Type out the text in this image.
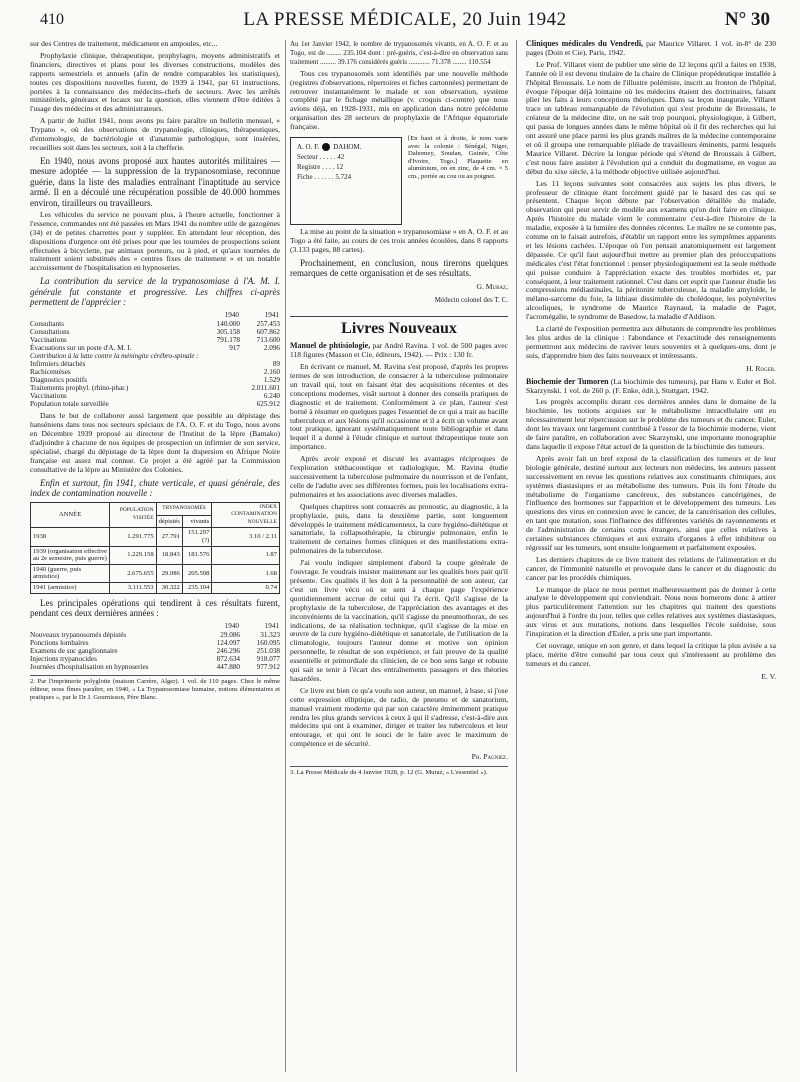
410	LA PRESSE MÉDICALE, 20 Juin 1942	N° 30

sur des Centres de traitement, médicament en ampoules, etc...

Prophylaxie clinique, thérapeutique, prophylagro, moyens administratifs et financiers, directives et plans pour les diverses constructions, modèles des rapports semestriels et annuels (afin de rendre comparables les statistiques), toutes ces dispositions nouvelles furent, de 1939 à 1941, par 61 instructions, portées à la connaissance des médecins-chefs de secteurs. Avec les arrêtés ministériels, généraux et locaux sur la question, elles viennent d'être éditées à l'usage des médecins et des administrateurs.

A partir de Juillet 1941, nous avons pu faire paraître un bulletin mensuel, « Trypano », où des observations de trypanologie, cliniques, thérapeutiques, d'entomologie, de bactériologie et d'anatomie pathologique, sont insérées, recueillies soit dans les secteurs, soit à la chefferie.

En 1940, nous avons proposé aux hautes autorités militaires — mesure adoptée — la suppression de la trypanosomiase, reconnue guérie, dans la liste des maladies entraînant l'inaptitude au service armé. Il en a découlé une récupération possible de 40.000 hommes environ, tirailleurs ou travailleurs.

Les véhicules du service ne pouvant plus, à l'heure actuelle, fonctionner à l'essence, commandes ont été passées en Mars 1941 du nombre utile de gazogènes (34) et de petites charrettes pour y suppléer. En attendant leur réception, des dispositions d'urgence ont été prises pour que les tournées de prospections soient effectuées à bicyclette, par animaux porteurs, ou à pied, et qu'aux tournées de traitement soient substitués des « centres fixes de traitement » et un notable accroissement de l'hospitalisation en hypnoseries.

La contribution du service de la trypanosomiase à l'A. M. I. générale fut constante et progressive. Les chiffres ci-après permettent de l'apprécier :

	1940	1941
Consultants	140.000	257.453
Consultations	305.158	607.862
Vaccinations	791.178	713.600
Évacuations sur un poste d'A. M. I.	917	2.096
Contribution à la lutte contre la méningite cérébro-spinale :		
Infirmiers détachés		89
Rachicentèses		2.160
Diagnostics positifs		1.529
Traitements prophyl. (rhino-phar.)		2.011.601
Vaccinations		6.240
Population totale surveillée		625.912

Dans le but de collaborer aussi largement que possible au dépistage des hanséniens dans tous nos secteurs spéciaux de l'A. O. F. et du Togo, nous avons en Décembre 1939 proposé au directeur de l'Institut de la lèpre (Bamako) d'adjoindre à chacune de nos équipes de prospection un infirmier de son service, spécialisé, chargé du dépistage de la lèpre dont la dispersion en Afrique Noire française est assez mal connue. Ce projet a été agréé par la Commission consultative de la lèpre au Ministère des Colonies.

Enfin et surtout, fin 1941, chute verticale, et quasi générale, des index de contamination nouvelle :

ANNÉE	POPULATION VISITÉE	TRYPANOSOMÉS		INDEX CONTAMINATION NOUVELLE
		dépistés	vivants	
1938	1.291.775	27.791	151.297 (?)	3.10 / 2.11
1939 (organisation effective au 2e semestre, puis guerre)	1.229.158	18.843	181.576	1.87
1940 (guerre, puis armistice)	2.675.655	29.086	205.508	1.68
1941 (armistice)	3.111.553	30.322	235.104	0.74

Les principales opérations qui tendirent à ces résultats furent, pendant ces deux dernières années :

	1940	1941
Nouveaux trypanosomés dépistés	29.086	31.323
Ponctions lombaires	124.097	160.095
Examens de suc ganglionnaire	246.296	251.038
Injections trypanocides	872.634	918.077
Journées d'hospitalisation en hypnoseries	447.880	977.912
2. Par l'imprimerie polyglotte (maison Carrère, Alger). 1 vol. de 110 pages. Chez le même éditeur, nous fîmes paraître, en 1940, « La Trypanosomiase humaine, notions élémentaires et pratiques », par le Dr J. Gournisson, Père Blanc.

Au 1er Janvier 1942, le nombre de trypanosomés vivants, en A. O. F. et au Togo, est de ........ 235.104 dont : pré-guéris, c'est-à-dire en observation sans traitement ......... 39.176 considérés guéris ............ 71.378 ........ 110.554

Tous ces trypanosomés sont identifiés par une nouvelle méthode (registres d'observations, répertoires et fiches cartonnées) permettant de retrouver instantanément le malade et son observation, système complété par le fichage métallique (v. croquis ci-contre) que nous avions déjà, en 1928-1931, mis en application dans notre précédente organisation des 28 secteurs de prophylaxie de l'Afrique équatoriale française.

A. O. F. DAHOM.
Secteur . . . . . 42
Registre . . . . 12
Fiche . . . . . . 5.724
[En haut et à droite, le nom varie avec la colonie : Sénégal, Niger, Dahomey, Soudan, Guinée, Côte d'Ivoire, Togo.] Plaquette en aluminium, on en zinc, de 4 cm. × 5 cm., portée au cou ou au poignet.

La mise au point de la situation « trypanosomiase » en A. O. F. et au Togo a été faite, au cours de ces trois années écoulées, dans 8 rapports (3.133 pages, 88 cartes).

Prochainement, en conclusion, nous tirerons quelques remarques de cette organisation et de ses résultats.

G. Muraz,
Médecin colonel des T. C.
Livres Nouveaux

Manuel de phtisiologie, par André Ravina. 1 vol. de 500 pages avec 118 figures (Masson et Cie, éditeurs, 1942). — Prix : 130 fr.

En écrivant ce manuel, M. Ravina s'est proposé, d'après les propres termes de son introduction, de consacrer à la tuberculose pulmonaire un travail qui, tout en faisant état des acquisitions récentes et des conceptions modernes, visât surtout à donner des conseils pratiques de diagnostic et de traitement. Conformément à ce plan, l'auteur s'est borné à résumer en quelques pages l'essentiel de ce qui a trait au bacille tuberculeux et aux lésions qu'il occasionne et il a écrit un volume avant tout pratique, ignorant systématiquement toute bibliographie et dans lequel il a donné à l'étude clinique et surtout thérapeutique toute son importance.

Après avoir exposé et discuté les avantages réciproques de l'exploration stéthacoustique et radiologique, M. Ravina étudie successivement la tuberculose pulmonaire du nourrisson et de l'enfant, celle de l'adulte avec ses différentes formes, puis les localisations extra-pulmonaires et les associations avec diverses maladies.

Quelques chapitres sont consacrés au pronostic, au diagnostic, à la prophylaxie, puis, dans la deuxième partie, sont longuement développés le traitement médicamenteux, la cure hygiéno-diététique et sanatoriale, la collapsothérapie, la chirurgie pulmonaire, enfin le traitement de certaines formes cliniques et des manifestations extra-pulmonaires de la tuberculose.

J'ai voulu indiquer simplement d'abord la coupe générale de l'ouvrage. Je voudrais insister maintenant sur les qualités hors pair qu'il présente. Ces qualités il les doit à la personnalité de son auteur, car c'est un livre vécu où se sent à chaque page l'expérience quotidiennement accrue de celui qui l'a écrit. Qu'il s'agisse de la prophylaxie de la tuberculose, de l'appréciation des avantages et des inconvénients de la vaccination, qu'il s'agisse du pneumothorax, de ses indications, de sa réalisation technique, qu'il s'agisse de la mise en œuvre de la cure hygiéno-diététique et sanatoriale, de l'utilisation de la climatologie, toujours l'auteur donne et motive son opinion personnelle, le résultat de son expérience, et fait preuve de la qualité essentielle et primordiale du clinicien, de ce bon sens large et robuste qui sait se tenir à l'écart des entraînements passagers et des théories hasardées.

Ce livre est bien ce qu'a voulu son auteur, un manuel, à base, si j'ose cette expression elliptique, de radio, de pneumo et de sanatorium, manuel vraiment moderne qui par son caractère éminemment pratique rendra les plus grands services à ceux à qui il s'adresse, c'est-à-dire aux médecins qui ont à examiner, diriger et traiter les tuberculeux et leur entourage, et qui ont le souci de le faire avec le maximum de compétence et de sécurité.

Ph. Pagniez.
3. La Presse Médicale du 4 Janvier 1928, p. 12 (G. Muraz, « L'essentiel »).

Cliniques médicales du Vendredi, par Maurice Villaret. 1 vol. in-8° de 230 pages (Doin et Cie), Paris, 1942.

Le Prof. Villaret vient de publier une série de 12 leçons qu'il a faites en 1938, l'année où il est devenu titulaire de la chaire de Clinique propédeutique installée à l'hôpital Broussais. Le nom de l'illustre polémiste, inscrit au fronton de l'hôpital, évoque l'époque déjà lointaine où les médecins étaient des doctrinaires, faisant plier les faits à leurs conceptions théoriques. Dans sa leçon inaugurale, Villaret trace un tableau remarquable de l'évolution qui s'est produite de Broussais, le créateur de la médecine dite, on ne sait trop pourquoi, physiologique, à Gilbert, qui passa de longues années dans le même hôpital où il fit des recherches qui lui ont assuré une place parmi les plus grands maîtres de la médecine contemporaine et où il groupa une remarquable pléiade de travailleurs éminents, parmi lesquels Maurice Villaret. Décrire la longue période qui s'étend de Broussais à Gilbert, c'est nous faire assister à l'évolution qui a conduit du dogmatisme, en vogue au début du xixe siècle, à la méthode objective utilisée aujourd'hui.

Les 11 leçons suivantes sont consacrées aux sujets les plus divers, le professeur de clinique étant forcément guidé par le hasard des cas qui se présentent. Chaque leçon débute par l'observation détaillée du malade, observation qui peut servir de modèle aux examens qu'on doit faire en clinique. Après l'histoire du malade vient le commentaire c'est-à-dire l'histoire de la maladie, exposée à la lumière des données récentes. Le maître ne se contente pas, comme on le faisait autrefois, d'établir un rapport entre les symptômes apparents et les lésions cachées. L'époque où l'on pensait anatomiquement est largement dépassée. Ce qu'il faut aujourd'hui mettre au premier plan des préoccupations médicales c'est l'état fonctionnel : penser physiologiquement est la seule méthode qui puisse conduire à l'appréciation exacte des troubles morbides et, par conséquent, à leur traitement rationnel. C'est dans cet esprit que l'auteur étudie les compressions médiastinales, la péritonite tuberculeuse, la maladie amyloïde, le mélano-sarcome du foie, la lithiase dissimulée du cholédoque, les polynévrites alcooliques, le syndrome de Maurice Raynaud, la maladie de Paget, l'acromégalie, le syndrome de Basedow, la maladie d'Addison.

La clarté de l'exposition permettra aux débutants de comprendre les problèmes les plus ardus de la clinique : l'abondance et l'exactitude des renseignements permettront aux médecins de raviver leurs souvenirs et à quelques-uns, dont je suis, d'apprendre bien des faits nouveaux et intéressants.

H. Roger.

Biochemie der Tumoren (La biochimie des tumeurs), par Hans v. Euler et Bol. Skarzynski. 1 vol. de 260 p. (F. Enke, édit.), Stuttgart, 1942.

Les progrès accomplis durant ces dernières années dans le domaine de la biochimie, les notions acquises sur le métabolisme intracellulaire ont eu nécessairement leur répercussion sur le problème des tumeurs et du cancer. Euler, dont les travaux ont largement contribué à l'essor de la biochimie moderne, vient de faire paraître, en collaboration avec Skarzynski, une importante monographie dans laquelle il expose l'état actuel de la question de la biochimie des tumeurs.

Après avoir fait un bref exposé de la classification des tumeurs et de leur biologie générale, destiné surtout aux lecteurs non médecins, les auteurs passent successivement en revue les questions relatives aux constituants chimiques, aux systèmes diastasiques et au métabolisme des tumeurs. Puis ils font l'étude du métabolisme de l'organisme cancéreux, des substances cancérigènes, de l'influence des hormones sur l'apparition et le développement des tumeurs. Les questions des virus en connexion avec le cancer, de la cancérisation des cellules, en tant que mutation, sous l'influence des différentes variétés de rayonnements et de l'administration de certains corps étrangers, ainsi que celles relatives à certaines substances chimiques et aux extraits d'organes à effet inhibiteur ou régressif sur les tumeurs, sont ensuite longuement et parfaitement exposées.

Les derniers chapitres de ce livre traitent des relations de l'alimentation et du cancer, de l'immunité naturelle et provoquée dans le cancer et du diagnostic du cancer par les procédés chimiques.

Le manque de place ne nous permet malheureusement pas de donner à cette analyse le développement qui conviendrait. Nous nous bornerons donc à attirer plus particulièrement l'attention sur les chapitres qui traitent des questions aujourd'hui à l'ordre du jour, telles que celles relatives aux systèmes diastasiques, aux virus et aux mutations, notions dans lesquelles l'école suédoise, sous l'inspiration et la direction d'Euler, a pris une part importante.

Cet ouvrage, unique en son genre, et dans lequel la critique la plus avisée a sa place, mérite d'être consulté par tous ceux qui s'intéressent au problème des tumeurs et du cancer.

E. V.
